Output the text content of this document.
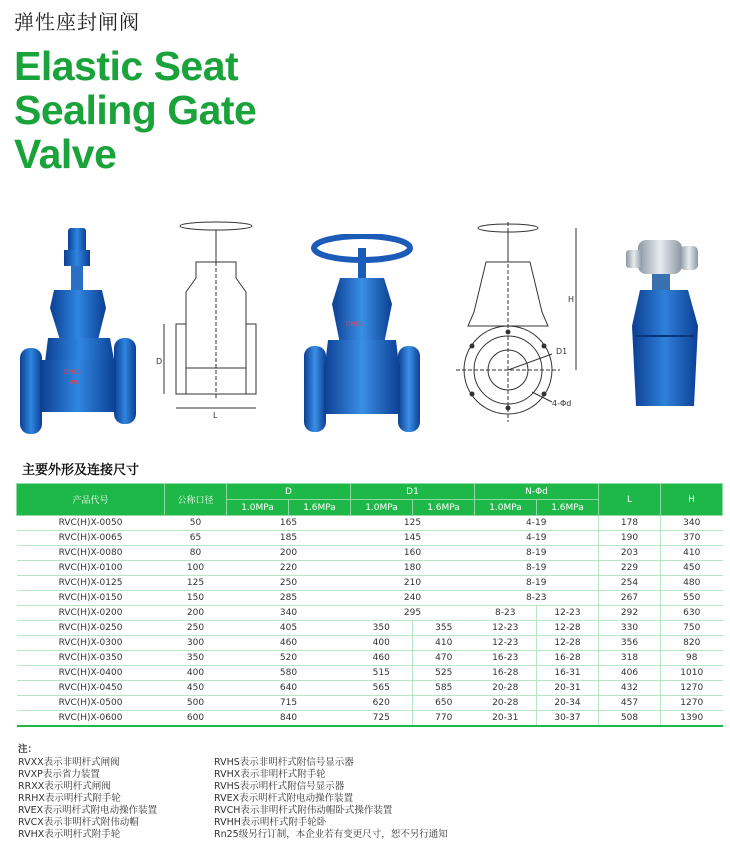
弹性座封闸阀
Elastic Seat
Sealing Gate
Valve
DN50
PN
D
L
DN50
H
D1
4-Φd
主要外形及连接尺寸
产品代号	公称口径	D		D1		N-Φd		L	H
		1.0MPa	1.6MPa	1.0MPa	1.6MPa	1.0MPa	1.6MPa		
RVC(H)X-0050	50	165		125		4-19		178	340
RVC(H)X-0065	65	185		145		4-19		190	370
RVC(H)X-0080	80	200		160		8-19		203	410
RVC(H)X-0100	100	220		180		8-19		229	450
RVC(H)X-0125	125	250		210		8-19		254	480
RVC(H)X-0150	150	285		240		8-23		267	550
RVC(H)X-0200	200	340		295		8-23	12-23	292	630
RVC(H)X-0250	250	405		350	355	12-23	12-28	330	750
RVC(H)X-0300	300	460		400	410	12-23	12-28	356	820
RVC(H)X-0350	350	520		460	470	16-23	16-28	318	98
RVC(H)X-0400	400	580		515	525	16-28	16-31	406	1010
RVC(H)X-0450	450	640		565	585	20-28	20-31	432	1270
RVC(H)X-0500	500	715		620	650	20-28	20-34	457	1270
RVC(H)X-0600	600	840		725	770	20-31	30-37	508	1390
注：
RVXX表示非明杆式闸阀
RVXP表示省力装置
RRXX表示明杆式闸阀
RRHX表示明杆式附手轮
RVEX表示明杆式附电动操作装置
RVCX表示非明杆式附伟动帽
RVHX表示明杆式附手轮
RVHS表示非明杆式附信号显示器
RVHX表示非明杆式附手轮
RVHS表示明杆式附信号显示器
RVEX表示明杆式附电动操作装置
RVCH表示非明杆式附伟动帽卧式操作装置
RVHH表示明杆式附手轮卧
Rn25级另行订制，本企业若有变更尺寸，恕不另行通知
